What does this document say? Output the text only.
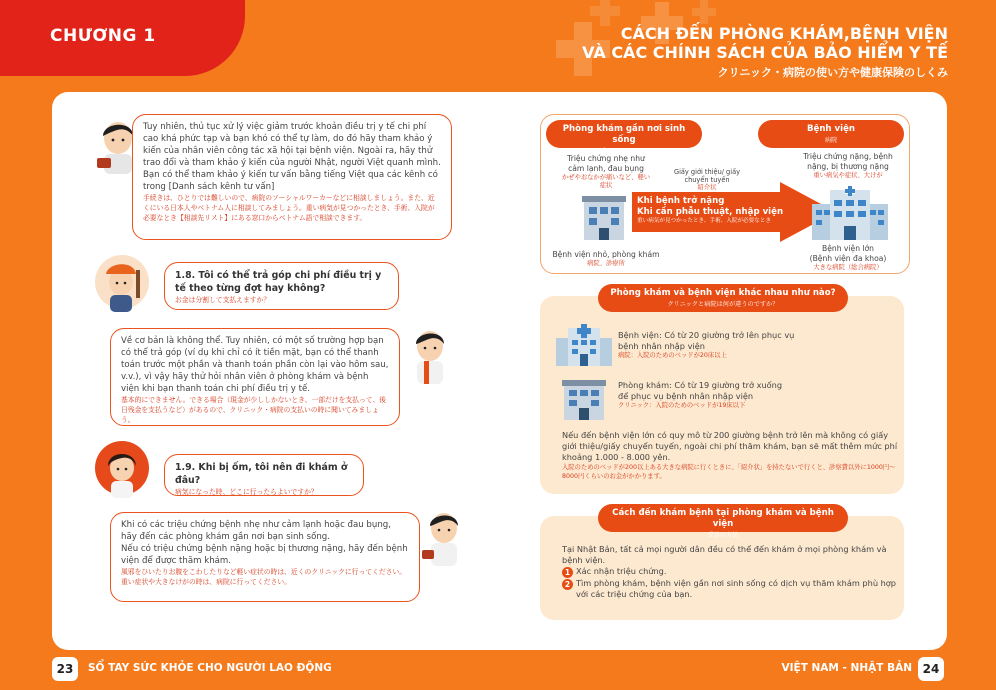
CHƯƠNG 1	CÁCH ĐẾN PHÒNG KHÁM,BỆNH VIỆN
VÀ CÁC CHÍNH SÁCH CỦA BẢO HIỂM Y TẾ
クリニック・病院の使い方や健康保険のしくみ
Tuy nhiên, thủ tục xử lý việc giảm trước khoản điều trị y tế chi phí cao khá phức tạp và bạn khó có thể tự làm, do đó hãy tham khảo ý kiến của nhân viên công tác xã hội tại bệnh viện. Ngoài ra, hãy thử trao đổi và tham khảo ý kiến của người Nhật, người Việt quanh mình.
Bạn có thể tham khảo ý kiến tư vấn bằng tiếng Việt qua các kênh có trong [Danh sách kênh tư vấn]
手続きは、ひとりでは難しいので、病院のソーシャルワーカーなどに相談しましょう。また、近くにいる日本人やベトナム人に相談してみましょう。重い病気が見つかったとき、手術、入院が必要なとき【相談先リスト】にある窓口からベトナム語で相談できます。
1.8. Tôi có thể trả góp chi phí điều trị y tế theo từng đợt hay không?
お金は分割して支払えますか？
Về cơ bản là không thể. Tuy nhiên, có một số trường hợp bạn có thể trả góp (ví dụ khi chỉ có ít tiền mặt, bạn có thể thanh toán trước một phần và thanh toán phần còn lại vào hôm sau, v.v.), vì vậy hãy thử hỏi nhân viên ở phòng khám và bệnh viện khi bạn thanh toán chi phí điều trị y tế.
基本的にできません。できる場合（現金が少ししかないとき、一部だけを支払って、後日残金を支払うなど）があるので、クリニック・病院の支払いの時に聞いてみましょう。
1.9. Khi bị ốm, tôi nên đi khám ở đâu?
病気になった時、どこに行ったらよいですか？
Khi có các triệu chứng bệnh nhẹ như cảm lạnh hoặc đau bụng,
hãy đến các phòng khám gần nơi bạn sinh sống.
Nếu có triệu chứng bệnh nặng hoặc bị thương nặng, hãy đến bệnh viện để được thăm khám.
風邪をひいたりお腹をこわしたりなど軽い症状の時は、近くのクリニックに行ってください。
重い症状や大きなけがの時は、病院に行ってください。
Phòng khám gần nơi sinh sống
近くのクリニック
Bệnh viện
病院
Triệu chứng nhẹ như cảm lạnh, đau bụng
かぜやおなかが痛いなど、軽い症状
Giấy giới thiệu/ giấy chuyển tuyến
紹介状
Khi bệnh trở nặng
Khi cần phẫu thuật, nhập viện
重い病気が見つかったとき、手術、入院が必要なとき
Triệu chứng nặng, bệnh nặng, bị thương nặng
重い病気や症状、大けが
Bệnh viện nhỏ, phòng khám
病院、診療所
Bệnh viện lớn
(Bệnh viện đa khoa)
大きな病院（総合病院）
Phòng khám và bệnh viện khác nhau như nào?
クリニックと病院は何が違うのですか？
Bệnh viện: Có từ 20 giường trở lên phục vụ
bệnh nhân nhập viện
病院：入院のためのベッドが20床以上
Phòng khám: Có từ 19 giường trở xuống
để phục vụ bệnh nhân nhập viện
クリニック：入院のためのベッドが19床以下
Nếu đến bệnh viện lớn có quy mô từ 200 giường bệnh trở lên mà không có giấy giới thiệu/giấy chuyển tuyến, ngoài chi phí thăm khám, bạn sẽ mất thêm mức phí khoảng 1.000 - 8.000 yên.
入院のためのベッドが200以上ある大きな病院に行くときに、「紹介状」を持たないで行くと、診察費以外に1000円〜8000円くらいのお金がかかります。
Cách đến khám bệnh tại phòng khám và bệnh viện
受診の方法
Tại Nhật Bản, tất cả mọi người dân đều có thể đến khám ở mọi phòng khám và bệnh viện.
1 Xác nhận triệu chứng.
2 Tìm phòng khám, bệnh viện gần nơi sinh sống có dịch vụ thăm khám phù hợp với các triệu chứng của bạn.
23	SỔ TAY SỨC KHỎE CHO NGƯỜI LAO ĐỘNG	VIỆT NAM - NHẬT BẢN 24
